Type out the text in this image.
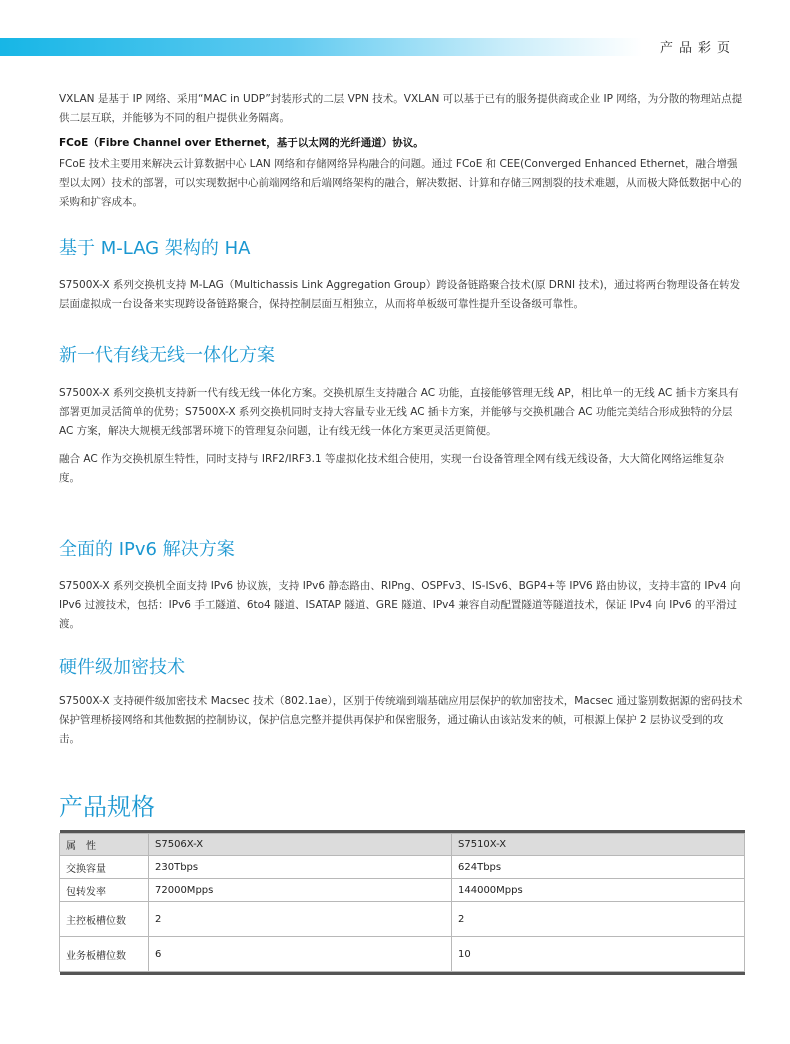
产品彩页

VXLAN 是基于 IP 网络、采用“MAC in UDP”封装形式的二层 VPN 技术。VXLAN 可以基于已有的服务提供商或企业 IP 网络，为分散的物理站点提供二层互联，并能够为不同的租户提供业务隔离。

FCoE（Fibre Channel over Ethernet，基于以太网的光纤通道）协议。

FCoE 技术主要用来解决云计算数据中心 LAN 网络和存储网络异构融合的问题。通过 FCoE 和 CEE(Converged Enhanced Ethernet，融合增强型以太网）技术的部署，可以实现数据中心前端网络和后端网络架构的融合，解决数据、计算和存储三网割裂的技术难题，从而极大降低数据中心的采购和扩容成本。

基于 M-LAG 架构的 HA

S7500X-X 系列交换机支持 M-LAG（Multichassis Link Aggregation Group）跨设备链路聚合技术(原 DRNI 技术)，通过将两台物理设备在转发层面虚拟成一台设备来实现跨设备链路聚合，保持控制层面互相独立，从而将单板级可靠性提升至设备级可靠性。

新一代有线无线一体化方案

S7500X-X 系列交换机支持新一代有线无线一体化方案。交换机原生支持融合 AC 功能，直接能够管理无线 AP，相比单一的无线 AC 插卡方案具有部署更加灵活简单的优势；S7500X-X 系列交换机同时支持大容量专业无线 AC 插卡方案，并能够与交换机融合 AC 功能完美结合形成独特的分层 AC 方案，解决大规模无线部署环境下的管理复杂问题，让有线无线一体化方案更灵活更简便。

融合 AC 作为交换机原生特性，同时支持与 IRF2/IRF3.1 等虚拟化技术组合使用，实现一台设备管理全网有线无线设备，大大简化网络运维复杂度。

全面的 IPv6 解决方案

S7500X-X 系列交换机全面支持 IPv6 协议族，支持 IPv6 静态路由、RIPng、OSPFv3、IS-ISv6、BGP4+等 IPV6 路由协议，支持丰富的 IPv4 向 IPv6 过渡技术，包括：IPv6 手工隧道、6to4 隧道、ISATAP 隧道、GRE 隧道、IPv4 兼容自动配置隧道等隧道技术，保证 IPv4 向 IPv6 的平滑过渡。

硬件级加密技术

S7500X-X 支持硬件级加密技术 Macsec 技术（802.1ae），区别于传统端到端基础应用层保护的软加密技术，Macsec 通过鉴别数据源的密码技术保护管理桥接网络和其他数据的控制协议，保护信息完整并提供再保护和保密服务，通过确认由该站发来的帧，可根源上保护 2 层协议受到的攻击。

产品规格

属　性	S7506X-X	S7510X-X
交换容量	230Tbps	624Tbps
包转发率	72000Mpps	144000Mpps
主控板槽位数	2	2
业务板槽位数	6	10
